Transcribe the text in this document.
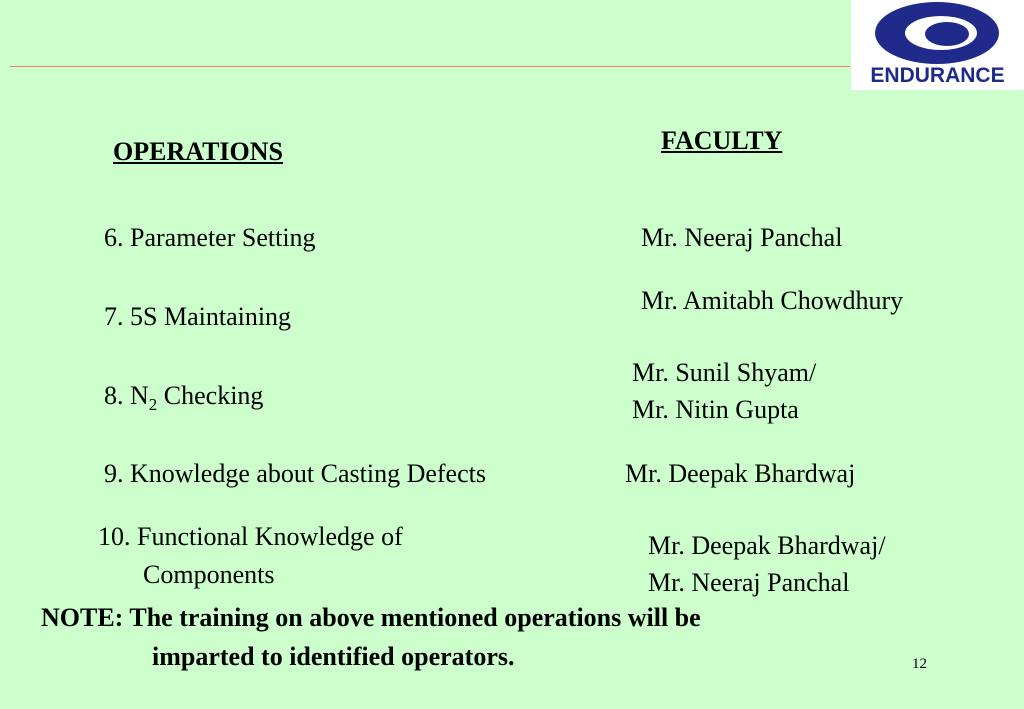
ENDURANCE
OPERATIONS	FACULTY
6. Parameter Setting
7. 5S Maintaining
8. $N_2$ Checking
9. Knowledge about Casting Defects
10. Functional Knowledge of
Components
Mr. Neeraj Panchal
Mr. Amitabh Chowdhury
Mr. Sunil Shyam/
Mr. Nitin Gupta
Mr. Deepak Bhardwaj
Mr. Deepak Bhardwaj/
Mr. Neeraj Panchal
NOTE: The training on above mentioned operations will be
imparted to identified operators.	12
